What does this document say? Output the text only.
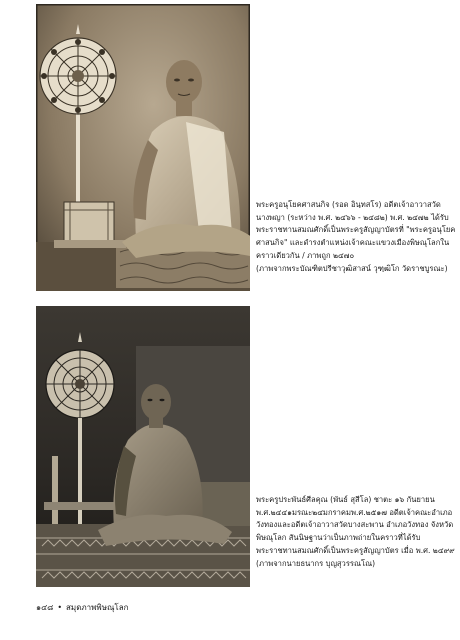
พระครูอนุโยคศาสนกิจ (รอด อินฺทสโร) อดีตเจ้าอาวาสวัดนางพญา (ระหว่าง พ.ศ. ๒๔๖๖ - ๒๔๘๒) พ.ศ. ๒๔๗๒ ได้รับพระราชทานสมณศักดิ์เป็นพระครูสัญญาบัตรที่ "พระครูอนุโยคศาสนกิจ" และดำรงตำแหน่งเจ้าคณะแขวงเมืองพิษณุโลกในคราวเดียวกัน / ภาพถูก ๒๔๗๐

(ภาพจากพระบัณฑิตปรีชาวุฒิสาสน์ วุฑฺฒิโก วัดราชบูรณะ)

พระครูประพันธ์ศีลคุณ (พันธ์ สุสีโล) ชาตะ ๑๖ กันยายน พ.ศ.๒๔๔๑มรณะ๒๔มกราคมพ.ศ.๒๕๑๗ อดีตเจ้าคณะอำเภอวังทองและอดีตเจ้าอาวาสวัดบางสะพาน อำเภอวังทอง จังหวัดพิษณุโลก สันนิษฐานว่าเป็นภาพถ่ายในคราวที่ได้รับพระราชทานสมณศักดิ์เป็นพระครูสัญญาบัตร เมื่อ พ.ศ. ๒๔๙๙

(ภาพจากนายธนากร บุญสุวรรณโณ)

๑๔๘ • สมุดภาพพิษณุโลก
